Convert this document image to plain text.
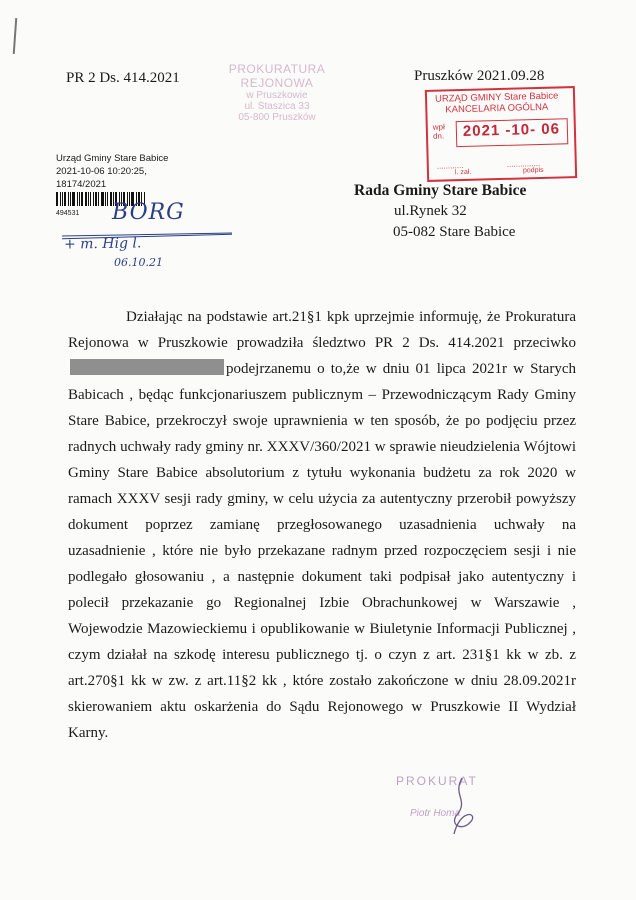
PR 2 Ds. 414.2021	Pruszków 2021.09.28
PROKURATURA REJONOWA
w Pruszkowie
ul. Staszica 33
05-800 Pruszków
URZĄD GMINY Stare Babice
KANCELARIA OGÓLNA
wpł
dn. 2021 -10- 06
............	...............
l. zał.	podpis
Urząd Gminy Stare Babice
2021-10-06 10:20:25,
18174/2021
494531	BORG
+ m. Hig l.
06.10.21
Rada Gminy Stare Babice
ul.Rynek 32
05-082 Stare Babice

Działając na podstawie art.21§1 kpk uprzejmie informuję, że Prokuratura Rejonowa w Pruszkowie prowadziła śledztwo PR 2 Ds. 414.2021 przeciwkopodejrzanemu o to,że w dniu 01 lipca 2021r w Starych Babicach , będąc funkcjonariuszem publicznym – Przewodniczącym Rady Gminy Stare Babice, przekroczył swoje uprawnienia w ten sposób, że po podjęciu przez radnych uchwały rady gminy nr. XXXV/360/2021 w sprawie nieudzielenia Wójtowi Gminy Stare Babice absolutorium z tytułu wykonania budżetu za rok 2020 w ramach XXXV sesji rady gminy, w celu użycia za autentyczny przerobił powyższy dokument poprzez zamianę przegłosowanego uzasadnienia uchwały na uzasadnienie , które nie było przekazane radnym przed rozpoczęciem sesji i nie podlegało głosowaniu , a następnie dokument taki podpisał jako autentyczny i polecił przekazanie go Regionalnej Izbie Obrachunkowej w Warszawie , Wojewodzie Mazowieckiemu i opublikowanie w Biuletynie Informacji Publicznej , czym działał na szkodę interesu publicznego tj. o czyn z art. 231§1 kk w zb. z art.270§1 kk w zw. z art.11§2 kk , które zostało zakończone w dniu 28.09.2021r skierowaniem aktu oskarżenia do Sądu Rejonowego w Pruszkowie II Wydział Karny.

PROKURAT
Piotr Homa
